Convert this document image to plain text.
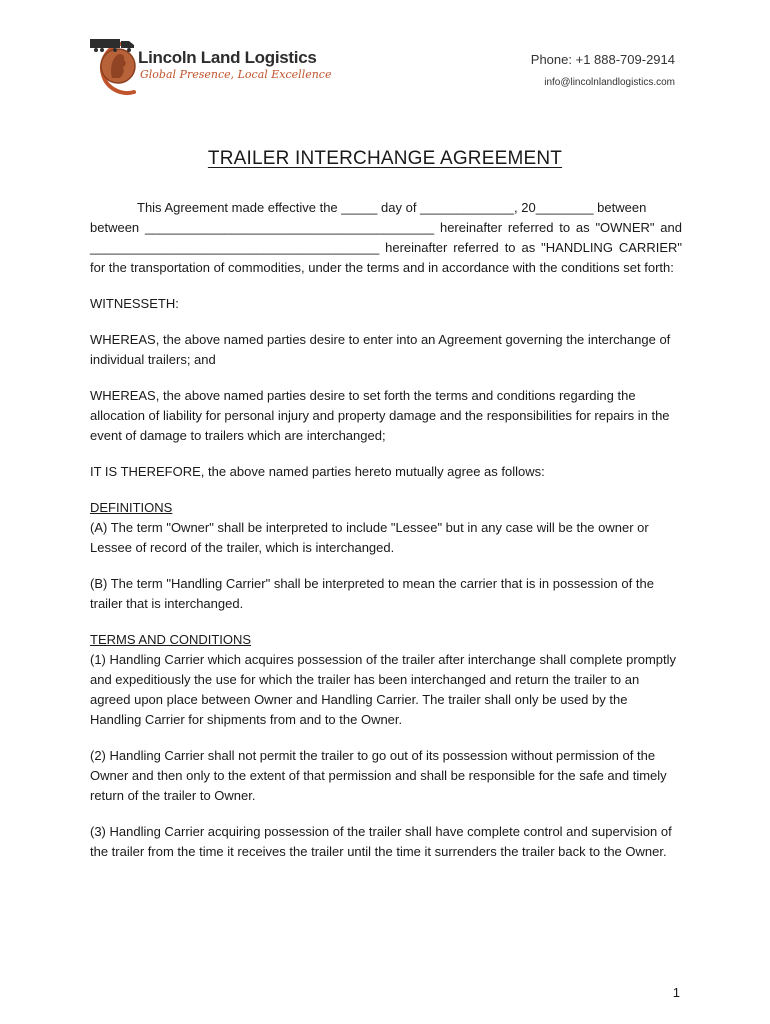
Lincoln Land Logistics

Global Presence, Local Excellence

Phone: +1 888-709-2914

info@lincolnlandlogistics.com

TRAILER INTERCHANGE AGREEMENT

This Agreement made effective the _____ day of _____________, 20________ between

between ________________________________________ hereinafter referred to as "OWNER" and ________________________________________ hereinafter referred to as "HANDLING CARRIER" for the transportation of commodities, under the terms and in accordance with the conditions set forth:

WITNESSETH:

WHEREAS, the above named parties desire to enter into an Agreement governing the interchange of individual trailers; and

WHEREAS, the above named parties desire to set forth the terms and conditions regarding the allocation of liability for personal injury and property damage and the responsibilities for repairs in the event of damage to trailers which are interchanged;

IT IS THEREFORE, the above named parties hereto mutually agree as follows:

DEFINITIONS

(A) The term "Owner" shall be interpreted to include "Lessee" but in any case will be the owner or Lessee of record of the trailer, which is interchanged.

(B) The term "Handling Carrier" shall be interpreted to mean the carrier that is in possession of the trailer that is interchanged.

TERMS AND CONDITIONS

(1) Handling Carrier which acquires possession of the trailer after interchange shall complete promptly and expeditiously the use for which the trailer has been interchanged and return the trailer to an agreed upon place between Owner and Handling Carrier. The trailer shall only be used by the Handling Carrier for shipments from and to the Owner.

(2) Handling Carrier shall not permit the trailer to go out of its possession without permission of the Owner and then only to the extent of that permission and shall be responsible for the safe and timely return of the trailer to Owner.

(3) Handling Carrier acquiring possession of the trailer shall have complete control and supervision of the trailer from the time it receives the trailer until the time it surrenders the trailer back to the Owner.

1
